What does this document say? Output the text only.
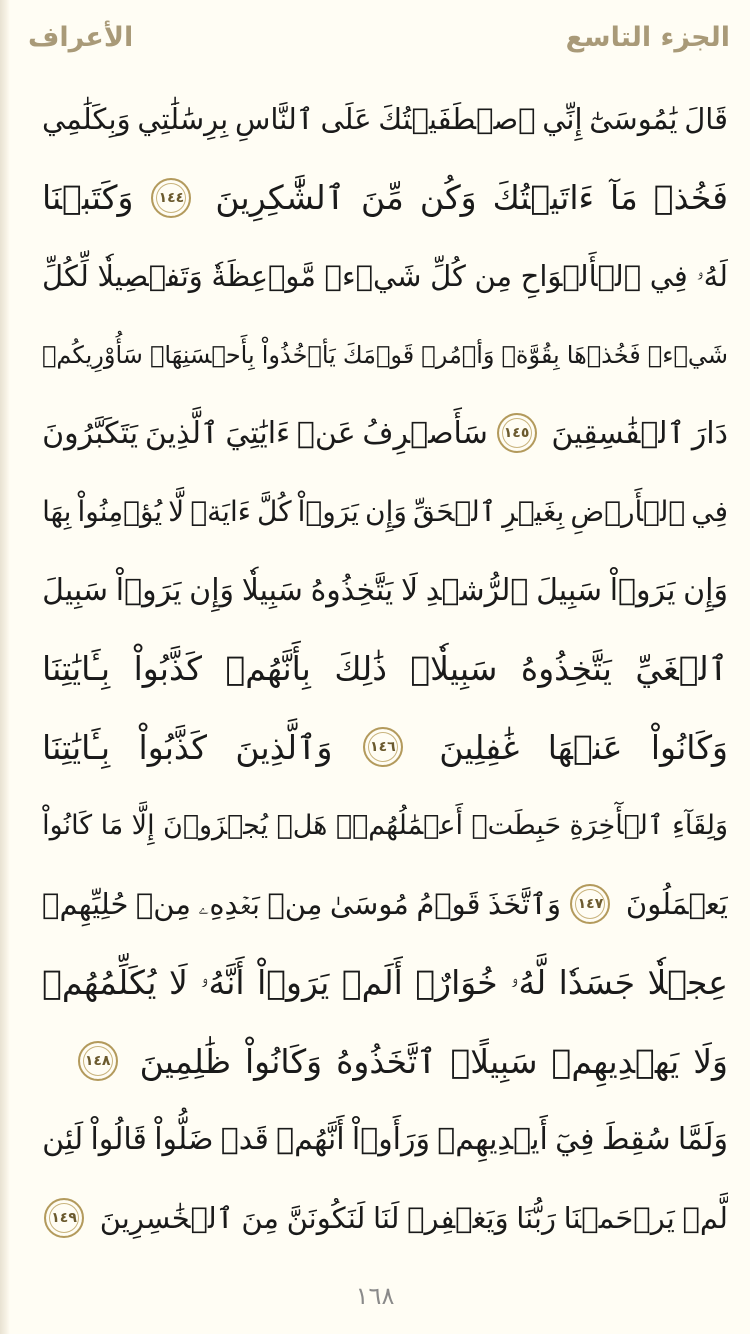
الجزء التاسع
الأعراف
قَالَ
يَٰمُوسَىٰٓ
إِنِّي
ٱصۡطَفَيۡتُكَ
عَلَى
ٱلنَّاسِ
بِرِسَٰلَٰتِي
وَبِكَلَٰمِي
فَخُذۡ
مَآ
ءَاتَيۡتُكَ
وَكُن
مِّنَ
ٱلشَّٰكِرِينَ
١٤٤
وَكَتَبۡنَا
لَهُۥ
فِي
ٱلۡأَلۡوَاحِ
مِن
كُلِّ
شَيۡءٖ
مَّوۡعِظَةٗ
وَتَفۡصِيلٗا
لِّكُلِّ
شَيۡءٖ
فَخُذۡهَا
بِقُوَّةٖ
وَأۡمُرۡ
قَوۡمَكَ
يَأۡخُذُواْ
بِأَحۡسَنِهَاۚ
سَأُوْرِيكُمۡ
دَارَ
ٱلۡفَٰسِقِينَ
١٤٥
سَأَصۡرِفُ
عَنۡ
ءَايَٰتِيَ
ٱلَّذِينَ
يَتَكَبَّرُونَ
فِي
ٱلۡأَرۡضِ
بِغَيۡرِ
ٱلۡحَقِّ
وَإِن
يَرَوۡاْ
كُلَّ
ءَايَةٖ
لَّا
يُؤۡمِنُواْ
بِهَا
وَإِن
يَرَوۡاْ
سَبِيلَ
ٱلرُّشۡدِ
لَا
يَتَّخِذُوهُ
سَبِيلٗا
وَإِن
يَرَوۡاْ
سَبِيلَ
ٱلۡغَيِّ
يَتَّخِذُوهُ
سَبِيلٗاۚ
ذَٰلِكَ
بِأَنَّهُمۡ
كَذَّبُواْ
بِـَٔايَٰتِنَا
وَكَانُواْ
عَنۡهَا
غَٰفِلِينَ
١٤٦
وَٱلَّذِينَ
كَذَّبُواْ
بِـَٔايَٰتِنَا
وَلِقَآءِ
ٱلۡأٓخِرَةِ
حَبِطَتۡ
أَعۡمَٰلُهُمۡۚ
هَلۡ
يُجۡزَوۡنَ
إِلَّا
مَا
كَانُواْ
يَعۡمَلُونَ
١٤٧
وَٱتَّخَذَ
قَوۡمُ
مُوسَىٰ
مِنۢ
بَعۡدِهِۦ
مِنۡ
حُلِيِّهِمۡ
عِجۡلٗا
جَسَدٗا
لَّهُۥ
خُوَارٌۚ
أَلَمۡ
يَرَوۡاْ
أَنَّهُۥ
لَا
يُكَلِّمُهُمۡ
وَلَا
يَهۡدِيهِمۡ
سَبِيلًاۘ
ٱتَّخَذُوهُ
وَكَانُواْ
ظَٰلِمِينَ
١٤٨
وَلَمَّا
سُقِطَ
فِيٓ
أَيۡدِيهِمۡ
وَرَأَوۡاْ
أَنَّهُمۡ
قَدۡ
ضَلُّواْ
قَالُواْ
لَئِن
لَّمۡ
يَرۡحَمۡنَا
رَبُّنَا
وَيَغۡفِرۡ
لَنَا
لَنَكُونَنَّ
مِنَ
ٱلۡخَٰسِرِينَ
١٤٩
١٦٨
